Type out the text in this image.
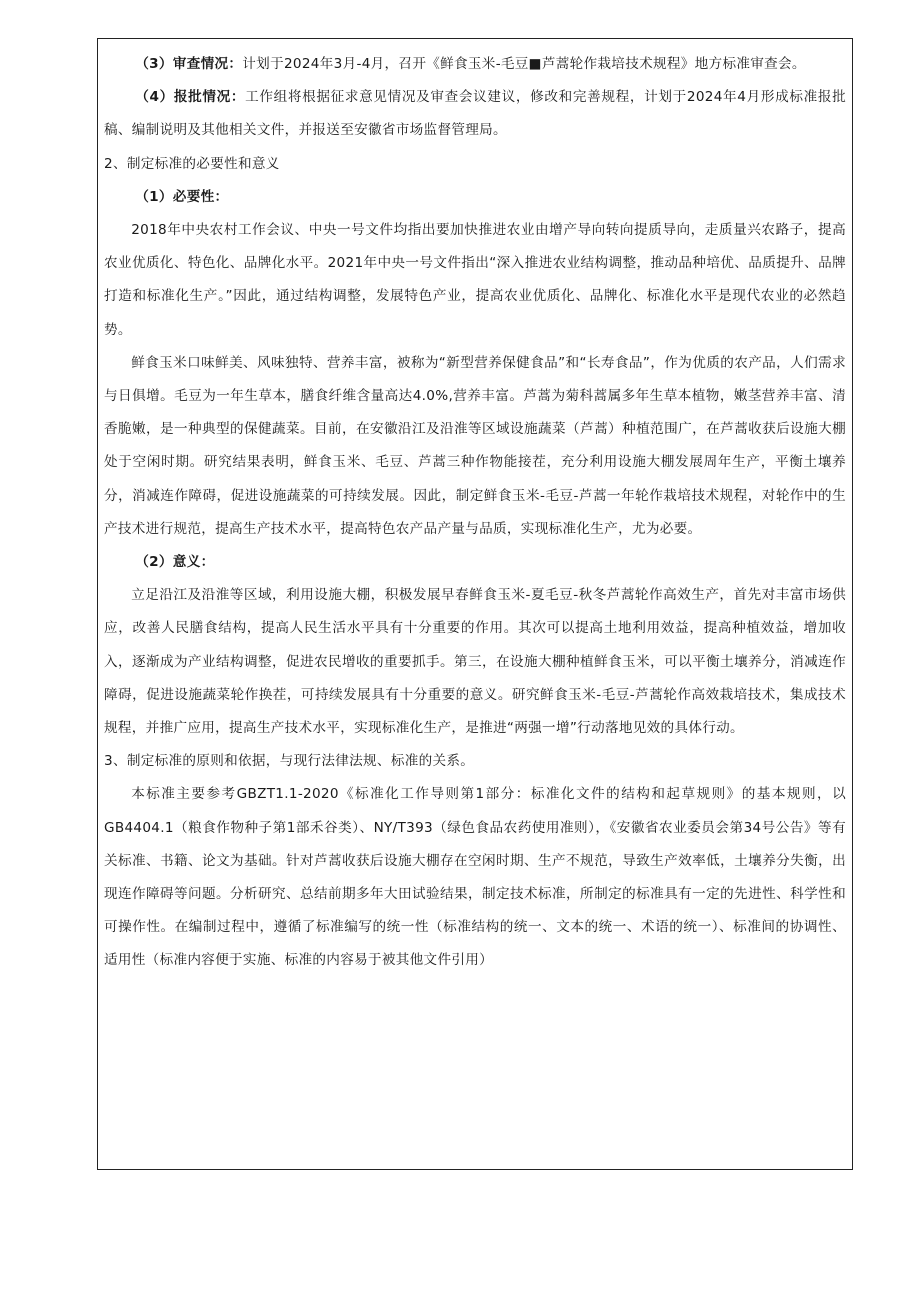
（3）审查情况：计划于2024年3月-4月，召开《鲜食玉米-毛豆■芦蒿轮作栽培技术规程》地方标准审查会。

（4）报批情况：工作组将根据征求意见情况及审查会议建议，修改和完善规程，计划于2024年4月形成标准报批稿、编制说明及其他相关文件，并报送至安徽省市场监督管理局。

2、制定标准的必要性和意义

（1）必要性：

2018年中央农村工作会议、中央一号文件均指出要加快推进农业由增产导向转向提质导向，走质量兴农路子，提高农业优质化、特色化、品牌化水平。2021年中央一号文件指出“深入推进农业结构调整，推动品种培优、品质提升、品牌打造和标准化生产。”因此，通过结构调整，发展特色产业，提高农业优质化、品牌化、标准化水平是现代农业的必然趋势。

鲜食玉米口味鲜美、风味独特、营养丰富，被称为“新型营养保健食品”和“长寿食品”，作为优质的农产品，人们需求与日俱增。毛豆为一年生草本，膳食纤维含量高达4.0%,营养丰富。芦蒿为菊科蒿属多年生草本植物，嫩茎营养丰富、清香脆嫩，是一种典型的保健蔬菜。目前，在安徽沿江及沿淮等区域设施蔬菜（芦蒿）种植范围广，在芦蒿收获后设施大棚处于空闲时期。研究结果表明，鲜食玉米、毛豆、芦蒿三种作物能接茬，充分利用设施大棚发展周年生产，平衡土壤养分，消减连作障碍，促进设施蔬菜的可持续发展。因此，制定鲜食玉米-毛豆-芦蒿一年轮作栽培技术规程，对轮作中的生产技术进行规范，提高生产技术水平，提高特色农产品产量与品质，实现标准化生产，尤为必要。

（2）意义：

立足沿江及沿淮等区域，利用设施大棚，积极发展早春鲜食玉米-夏毛豆-秋冬芦蒿轮作高效生产，首先对丰富市场供应，改善人民膳食结构，提高人民生活水平具有十分重要的作用。其次可以提高土地利用效益，提高种植效益，增加收入，逐渐成为产业结构调整，促进农民增收的重要抓手。第三，在设施大棚种植鲜食玉米，可以平衡土壤养分，消减连作障碍，促进设施蔬菜轮作换茬，可持续发展具有十分重要的意义。研究鲜食玉米-毛豆-芦蒿轮作高效栽培技术，集成技术规程，并推广应用，提高生产技术水平，实现标准化生产，是推进“两强一增”行动落地见效的具体行动。

3、制定标准的原则和依据，与现行法律法规、标准的关系。

本标准主要参考GBZT1.1-2020《标准化工作导则第1部分：标准化文件的结构和起草规则》的基本规则，以GB4404.1（粮食作物种子第1部禾谷类）、NY/T393（绿色食品农药使用准则），《安徽省农业委员会第34号公告》等有关标准、书籍、论文为基础。针对芦蒿收获后设施大棚存在空闲时期、生产不规范，导致生产效率低，土壤养分失衡，出现连作障碍等问题。分析研究、总结前期多年大田试验结果，制定技术标准，所制定的标准具有一定的先进性、科学性和可操作性。在编制过程中，遵循了标准编写的统一性（标准结构的统一、文本的统一、术语的统一）、标准间的协调性、适用性（标准内容便于实施、标准的内容易于被其他文件引用）
